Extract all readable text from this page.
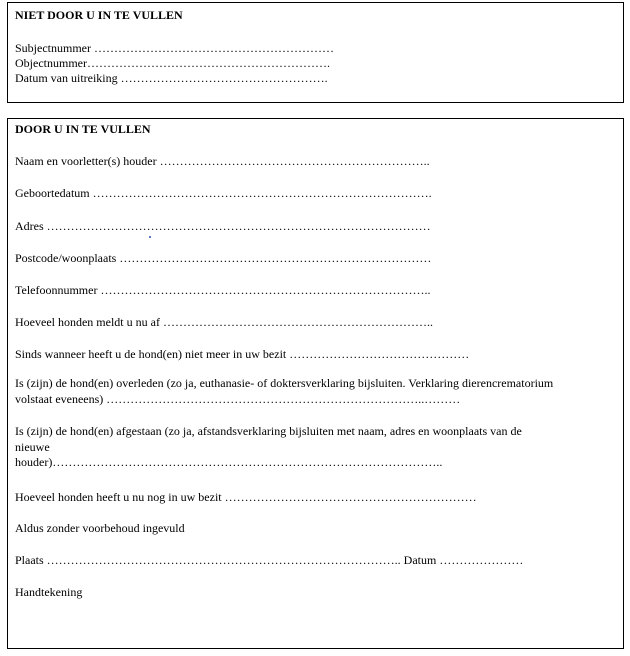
NIET DOOR U IN TE VULLEN
Subjectnummer ……………………………………………………
Objectnummer…………………………………………………….
Datum van uitreiking …………………………………………….
DOOR U IN TE VULLEN
Naam en voorletter(s) houder …………………………………………………………..
Geboortedatum ………………………………………………………………………….
Adres ……………………………………………………………………………………
Postcode/woonplaats ……………………………………………………………………
Telefoonnummer ………………………………………………………………………..
Hoeveel honden meldt u nu af …………………………………………………………..
Sinds wanneer heeft u de hond(en) niet meer in uw bezit ………………………………………
Is (zijn) de hond(en) overleden (zo ja, euthanasie- of doktersverklaring bijsluiten. Verklaring dierencrematorium
volstaat eveneens) ……………………………………………………………………..………
Is (zijn) de hond(en) afgestaan (zo ja, afstandsverklaring bijsluiten met naam, adres en woonplaats van de
nieuwe
houder)……………………………………………………………………………………..
Hoeveel honden heeft u nu nog in uw bezit ………………………………………………………
Aldus zonder voorbehoud ingevuld
Plaats …………………………………………………………………………….. Datum …………………
Handtekening
